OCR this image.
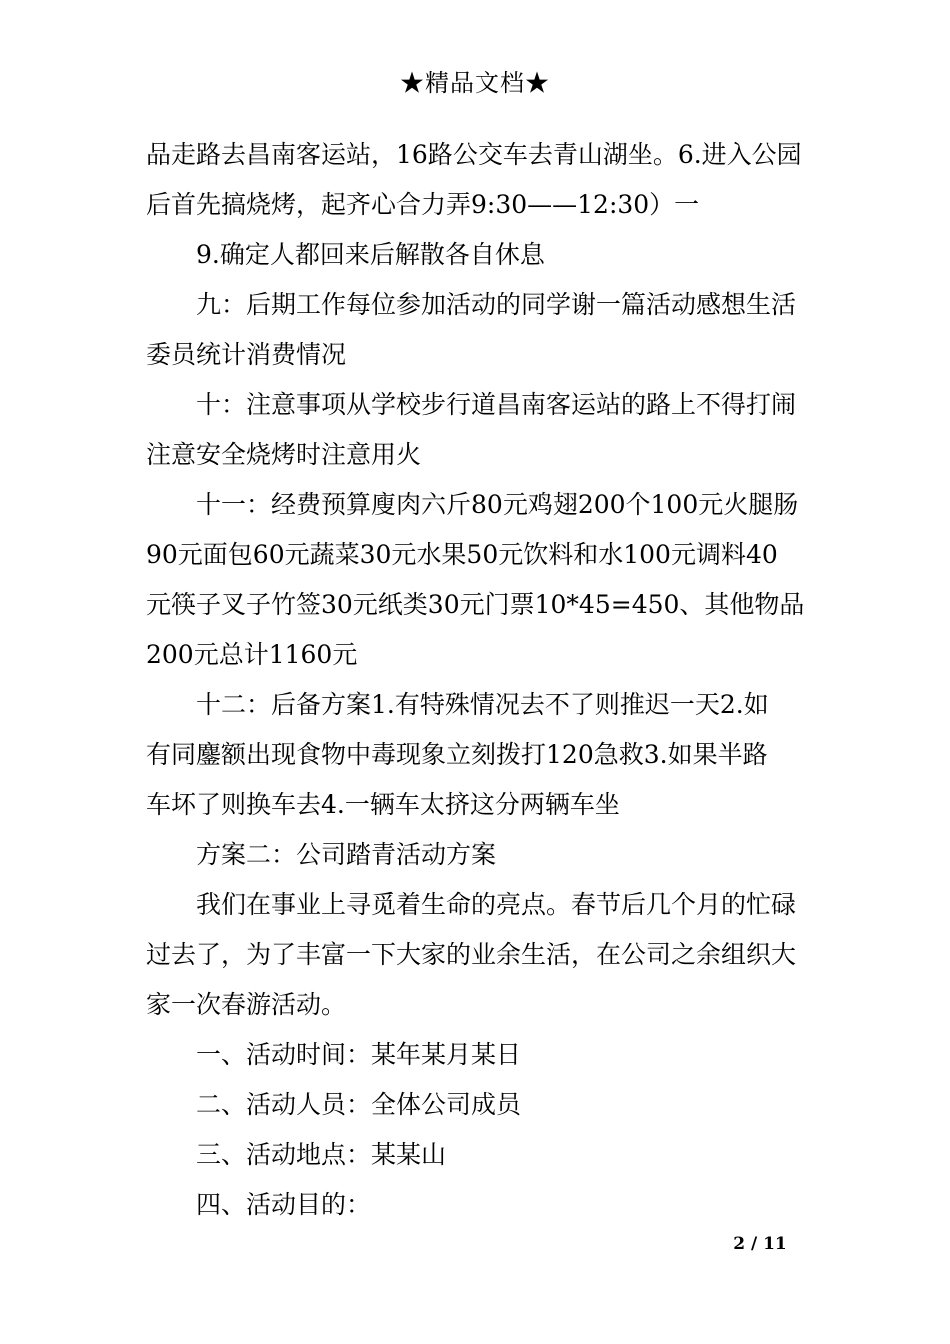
★精品文档★
品走路去昌南客运站，16路公交车去青山湖坐。6.进入公园
后首先搞烧烤，起齐心合力弄9:30——12:30）一
9.确定人都回来后解散各自休息
九：后期工作每位参加活动的同学谢一篇活动感想生活
委员统计消费情况
十：注意事项从学校步行道昌南客运站的路上不得打闹
注意安全烧烤时注意用火
十一：经费预算廋肉六斤80元鸡翅200个100元火腿肠
90元面包60元蔬菜30元水果50元饮料和水100元调料40
元筷子叉子竹签30元纸类30元门票10*45=450、其他物品
200元总计1160元
十二：后备方案1.有特殊情况去不了则推迟一天2.如
有同鏖额出现食物中毒现象立刻拨打120急救3.如果半路
车坏了则换车去4.一辆车太挤这分两辆车坐
方案二：公司踏青活动方案
我们在事业上寻觅着生命的亮点。春节后几个月的忙碌
过去了，为了丰富一下大家的业余生活，在公司之余组织大
家一次春游活动。
一、活动时间：某年某月某日
二、活动人员：全体公司成员
三、活动地点：某某山
四、活动目的：
2 / 11
